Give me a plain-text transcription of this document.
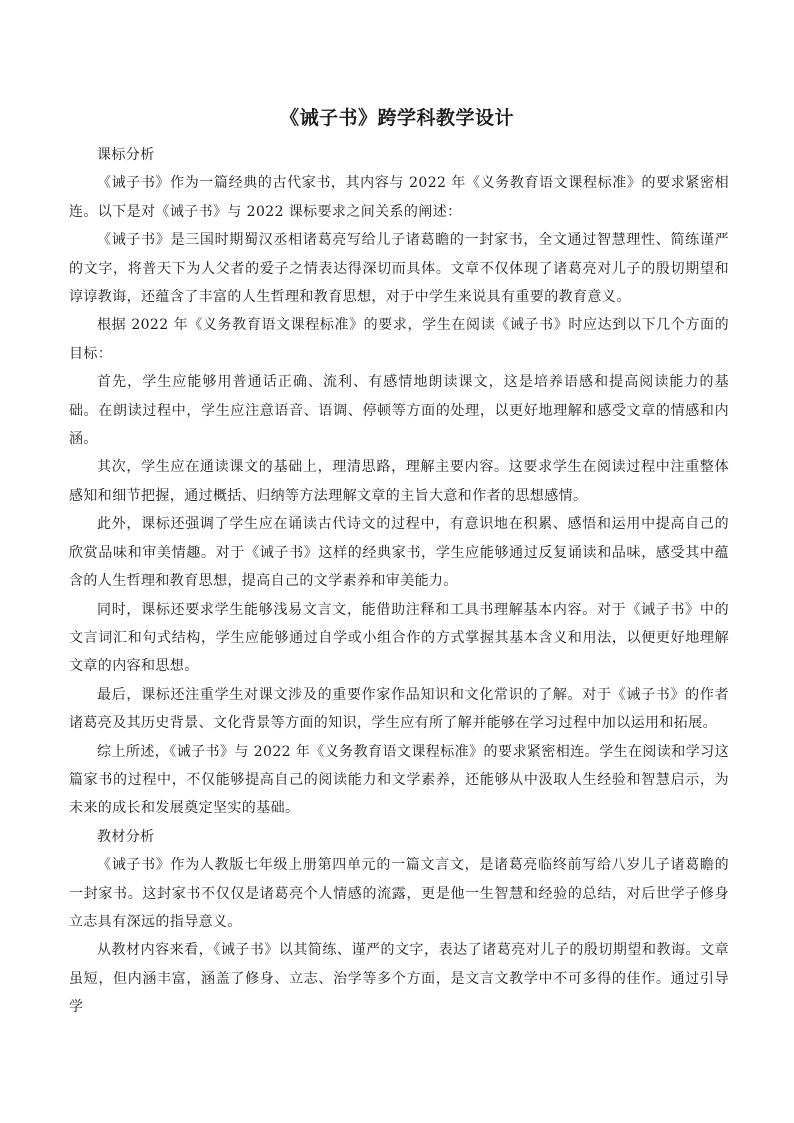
《诫子书》跨学科教学设计

课标分析

《诫子书》作为一篇经典的古代家书，其内容与 2022 年《义务教育语文课程标准》的要求紧密相连。以下是对《诫子书》与 2022 课标要求之间关系的阐述：

《诫子书》是三国时期蜀汉丞相诸葛亮写给儿子诸葛瞻的一封家书，全文通过智慧理性、简练谨严的文字，将普天下为人父者的爱子之情表达得深切而具体。文章不仅体现了诸葛亮对儿子的殷切期望和谆谆教诲，还蕴含了丰富的人生哲理和教育思想，对于中学生来说具有重要的教育意义。

根据 2022 年《义务教育语文课程标准》的要求，学生在阅读《诫子书》时应达到以下几个方面的目标：

首先，学生应能够用普通话正确、流利、有感情地朗读课文，这是培养语感和提高阅读能力的基础。在朗读过程中，学生应注意语音、语调、停顿等方面的处理，以更好地理解和感受文章的情感和内涵。

其次，学生应在通读课文的基础上，理清思路，理解主要内容。这要求学生在阅读过程中注重整体感知和细节把握，通过概括、归纳等方法理解文章的主旨大意和作者的思想感情。

此外，课标还强调了学生应在诵读古代诗文的过程中，有意识地在积累、感悟和运用中提高自己的欣赏品味和审美情趣。对于《诫子书》这样的经典家书，学生应能够通过反复诵读和品味，感受其中蕴含的人生哲理和教育思想，提高自己的文学素养和审美能力。

同时，课标还要求学生能够浅易文言文，能借助注释和工具书理解基本内容。对于《诫子书》中的文言词汇和句式结构，学生应能够通过自学或小组合作的方式掌握其基本含义和用法，以便更好地理解文章的内容和思想。

最后，课标还注重学生对课文涉及的重要作家作品知识和文化常识的了解。对于《诫子书》的作者诸葛亮及其历史背景、文化背景等方面的知识，学生应有所了解并能够在学习过程中加以运用和拓展。

综上所述，《诫子书》与 2022 年《义务教育语文课程标准》的要求紧密相连。学生在阅读和学习这篇家书的过程中，不仅能够提高自己的阅读能力和文学素养，还能够从中汲取人生经验和智慧启示，为未来的成长和发展奠定坚实的基础。

教材分析

《诫子书》作为人教版七年级上册第四单元的一篇文言文，是诸葛亮临终前写给八岁儿子诸葛瞻的一封家书。这封家书不仅仅是诸葛亮个人情感的流露，更是他一生智慧和经验的总结，对后世学子修身立志具有深远的指导意义。

从教材内容来看，《诫子书》以其简练、谨严的文字，表达了诸葛亮对儿子的殷切期望和教诲。文章虽短，但内涵丰富，涵盖了修身、立志、治学等多个方面，是文言文教学中不可多得的佳作。通过引导学
